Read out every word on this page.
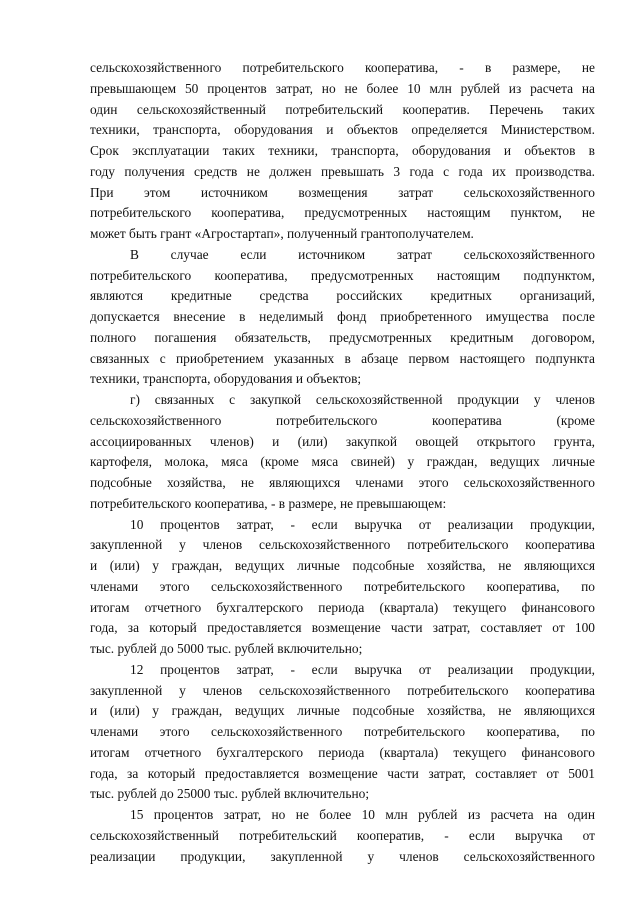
сельскохозяйственного потребительского кооператива, - в размере, не
превышающем 50 процентов затрат, но не более 10 млн рублей из расчета на
один сельскохозяйственный потребительский кооператив. Перечень таких
техники, транспорта, оборудования и объектов определяется Министерством.
Срок эксплуатации таких техники, транспорта, оборудования и объектов в
году получения средств не должен превышать 3 года с года их производства.
При этом источником возмещения затрат сельскохозяйственного
потребительского кооператива, предусмотренных настоящим пунктом, не
может быть грант «Агростартап», полученный грантополучателем.
В случае если источником затрат сельскохозяйственного
потребительского кооператива, предусмотренных настоящим подпунктом,
являются кредитные средства российских кредитных организаций,
допускается внесение в неделимый фонд приобретенного имущества после
полного погашения обязательств, предусмотренных кредитным договором,
связанных с приобретением указанных в абзаце первом настоящего подпункта
техники, транспорта, оборудования и объектов;
г) связанных с закупкой сельскохозяйственной продукции у членов
сельскохозяйственного потребительского кооператива (кроме
ассоциированных членов) и (или) закупкой овощей открытого грунта,
картофеля, молока, мяса (кроме мяса свиней) у граждан, ведущих личные
подсобные хозяйства, не являющихся членами этого сельскохозяйственного
потребительского кооператива, - в размере, не превышающем:
10 процентов затрат, - если выручка от реализации продукции,
закупленной у членов сельскохозяйственного потребительского кооператива
и (или) у граждан, ведущих личные подсобные хозяйства, не являющихся
членами этого сельскохозяйственного потребительского кооператива, по
итогам отчетного бухгалтерского периода (квартала) текущего финансового
года, за который предоставляется возмещение части затрат, составляет от 100
тыс. рублей до 5000 тыс. рублей включительно;
12 процентов затрат, - если выручка от реализации продукции,
закупленной у членов сельскохозяйственного потребительского кооператива
и (или) у граждан, ведущих личные подсобные хозяйства, не являющихся
членами этого сельскохозяйственного потребительского кооператива, по
итогам отчетного бухгалтерского периода (квартала) текущего финансового
года, за который предоставляется возмещение части затрат, составляет от 5001
тыс. рублей до 25000 тыс. рублей включительно;
15 процентов затрат, но не более 10 млн рублей из расчета на один
сельскохозяйственный потребительский кооператив, - если выручка от
реализации продукции, закупленной у членов сельскохозяйственного
